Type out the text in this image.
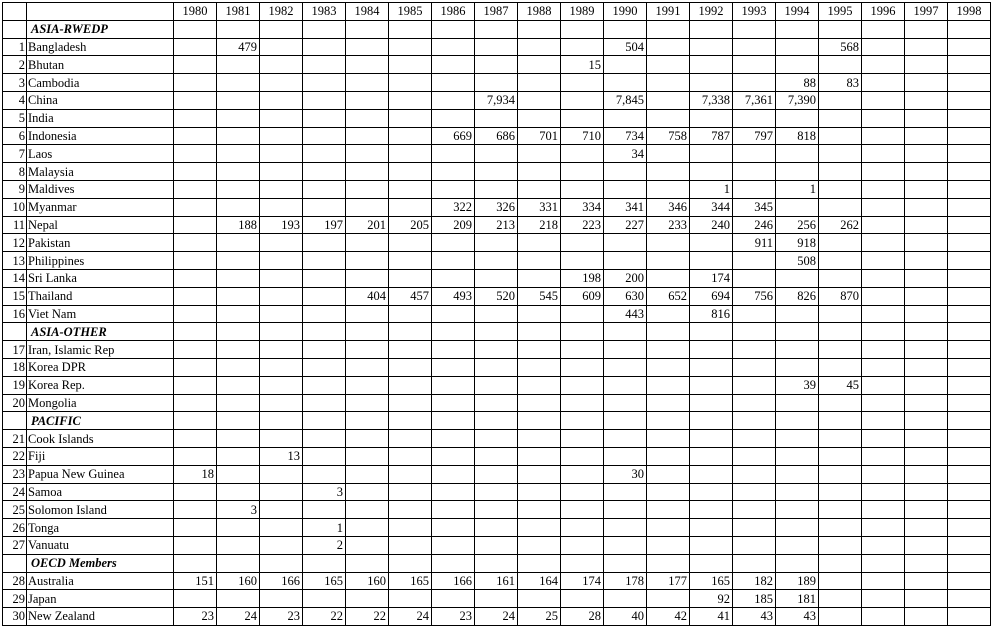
		1980	1981	1982	1983	1984	1985	1986	1987	1988	1989	1990	1991	1992	1993	1994	1995	1996	1997	1998
	ASIA-RWEDP																			
1	Bangladesh		479									504					568			
2	Bhutan										15									
3	Cambodia															88	83			
4	China								7,934			7,845		7,338	7,361	7,390				
5	India																			
6	Indonesia							669	686	701	710	734	758	787	797	818				
7	Laos											34								
8	Malaysia																			
9	Maldives													1		1				
10	Myanmar							322	326	331	334	341	346	344	345					
11	Nepal		188	193	197	201	205	209	213	218	223	227	233	240	246	256	262			
12	Pakistan														911	918				
13	Philippines															508				
14	Sri Lanka										198	200		174						
15	Thailand					404	457	493	520	545	609	630	652	694	756	826	870			
16	Viet Nam											443		816						
	ASIA-OTHER																			
17	Iran, Islamic Rep																			
18	Korea DPR																			
19	Korea Rep.															39	45			
20	Mongolia																			
	PACIFIC																			
21	Cook Islands																			
22	Fiji			13																
23	Papua New Guinea	18										30								
24	Samoa				3															
25	Solomon Island		3																	
26	Tonga				1															
27	Vanuatu				2															
	OECD Members																			
28	Australia	151	160	166	165	160	165	166	161	164	174	178	177	165	182	189				
29	Japan													92	185	181				
30	New Zealand	23	24	23	22	22	24	23	24	25	28	40	42	41	43	43				
